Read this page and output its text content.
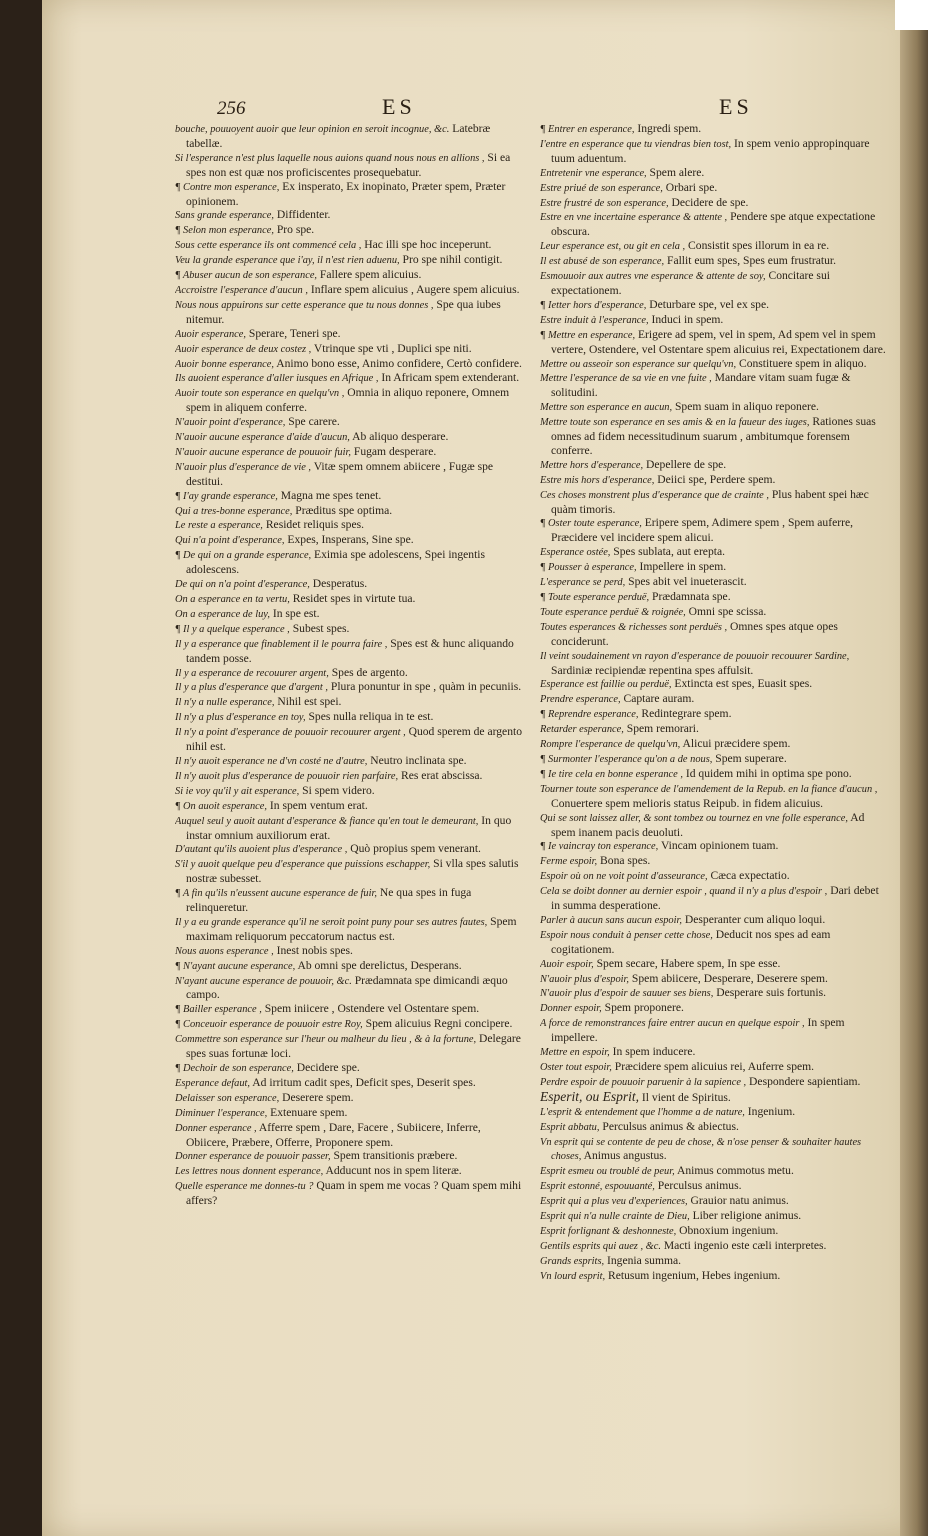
256	ES	ES

bouche, pouuoyent auoir que leur opinion en seroit incognue, &c. Latebræ tabellæ.

Si l'esperance n'est plus laquelle nous auions quand nous nous en allions , Si ea spes non est quæ nos proficiscentes prosequebatur.

¶ Contre mon esperance, Ex insperato, Ex inopinato, Præter spem, Præter opinionem.

Sans grande esperance, Diffidenter.

¶ Selon mon esperance, Pro spe.

Sous cette esperance ils ont commencé cela , Hac illi spe hoc inceperunt.

Veu la grande esperance que i'ay, il n'est rien aduenu, Pro spe nihil contigit.

¶ Abuser aucun de son esperance, Fallere spem alicuius.

Accroistre l'esperance d'aucun , Inflare spem alicuius , Augere spem alicuius.

Nous nous appuirons sur cette esperance que tu nous donnes , Spe qua iubes nitemur.

Auoir esperance, Sperare, Teneri spe.

Auoir esperance de deux costez , Vtrinque spe vti , Duplici spe niti.

Auoir bonne esperance, Animo bono esse, Animo confidere, Certò confidere.

Ils auoient esperance d'aller iusques en Afrique , In Africam spem extenderant.

Auoir toute son esperance en quelqu'vn , Omnia in aliquo reponere, Omnem spem in aliquem conferre.

N'auoir point d'esperance, Spe carere.

N'auoir aucune esperance d'aide d'aucun, Ab aliquo desperare.

N'auoir aucune esperance de pouuoir fuir, Fugam desperare.

N'auoir plus d'esperance de vie , Vitæ spem omnem abiicere , Fugæ spe destitui.

¶ I'ay grande esperance, Magna me spes tenet.

Qui a tres-bonne esperance, Præditus spe optima.

Le reste a esperance, Residet reliquis spes.

Qui n'a point d'esperance, Expes, Insperans, Sine spe.

¶ De qui on a grande esperance, Eximia spe adolescens, Spei ingentis adolescens.

De qui on n'a point d'esperance, Desperatus.

On a esperance en ta vertu, Residet spes in virtute tua.

On a esperance de luy, In spe est.

¶ Il y a quelque esperance , Subest spes.

Il y a esperance que finablement il le pourra faire , Spes est & hunc aliquando tandem posse.

Il y a esperance de recouurer argent, Spes de argento.

Il y a plus d'esperance que d'argent , Plura ponuntur in spe , quàm in pecuniis.

Il n'y a nulle esperance, Nihil est spei.

Il n'y a plus d'esperance en toy, Spes nulla reliqua in te est.

Il n'y a point d'esperance de pouuoir recouurer argent , Quod sperem de argento nihil est.

Il n'y auoit esperance ne d'vn costé ne d'autre, Neutro inclinata spe.

Il n'y auoit plus d'esperance de pouuoir rien parfaire, Res erat abscissa.

Si ie voy qu'il y ait esperance, Si spem videro.

¶ On auoit esperance, In spem ventum erat.

Auquel seul y auoit autant d'esperance & fiance qu'en tout le demeurant, In quo instar omnium auxiliorum erat.

D'autant qu'ils auoient plus d'esperance , Quò propius spem venerant.

S'il y auoit quelque peu d'esperance que puissions eschapper, Si vlla spes salutis nostræ subesset.

¶ A fin qu'ils n'eussent aucune esperance de fuir, Ne qua spes in fuga relinqueretur.

Il y a eu grande esperance qu'il ne seroit point puny pour ses autres fautes, Spem maximam reliquorum peccatorum nactus est.

Nous auons esperance , Inest nobis spes.

¶ N'ayant aucune esperance, Ab omni spe derelictus, Desperans.

N'ayant aucune esperance de pouuoir, &c. Prædamnata spe dimicandi æquo campo.

¶ Bailler esperance , Spem iniicere , Ostendere vel Ostentare spem.

¶ Conceuoir esperance de pouuoir estre Roy, Spem alicuius Regni concipere.

Commettre son esperance sur l'heur ou malheur du lieu , & à la fortune, Delegare spes suas fortunæ loci.

¶ Dechoir de son esperance, Decidere spe.

Esperance defaut, Ad irritum cadit spes, Deficit spes, Deserit spes.

Delaisser son esperance, Deserere spem.

Diminuer l'esperance, Extenuare spem.

Donner esperance , Afferre spem , Dare, Facere , Subiicere, Inferre, Obiicere, Præbere, Offerre, Proponere spem.

Donner esperance de pouuoir passer, Spem transitionis præbere.

Les lettres nous donnent esperance, Adducunt nos in spem literæ.

Quelle esperance me donnes-tu ? Quam in spem me vocas ? Quam spem mihi affers?

¶ Entrer en esperance, Ingredi spem.

I'entre en esperance que tu viendras bien tost, In spem venio appropinquare tuum aduentum.

Entretenir vne esperance, Spem alere.

Estre priué de son esperance, Orbari spe.

Estre frustré de son esperance, Decidere de spe.

Estre en vne incertaine esperance & attente , Pendere spe atque expectatione obscura.

Leur esperance est, ou git en cela , Consistit spes illorum in ea re.

Il est abusé de son esperance, Fallit eum spes, Spes eum frustratur.

Esmouuoir aux autres vne esperance & attente de soy, Concitare sui expectationem.

¶ Ietter hors d'esperance, Deturbare spe, vel ex spe.

Estre induit à l'esperance, Induci in spem.

¶ Mettre en esperance, Erigere ad spem, vel in spem, Ad spem vel in spem vertere, Ostendere, vel Ostentare spem alicuius rei, Expectationem dare.

Mettre ou asseoir son esperance sur quelqu'vn, Constituere spem in aliquo.

Mettre l'esperance de sa vie en vne fuite , Mandare vitam suam fugæ & solitudini.

Mettre son esperance en aucun, Spem suam in aliquo reponere.

Mettre toute son esperance en ses amis & en la faueur des iuges, Rationes suas omnes ad fidem necessitudinum suarum , ambitumque forensem conferre.

Mettre hors d'esperance, Depellere de spe.

Estre mis hors d'esperance, Deiici spe, Perdere spem.

Ces choses monstrent plus d'esperance que de crainte , Plus habent spei hæc quàm timoris.

¶ Oster toute esperance, Eripere spem, Adimere spem , Spem auferre, Præcidere vel incidere spem alicui.

Esperance ostée, Spes sublata, aut erepta.

¶ Pousser à esperance, Impellere in spem.

L'esperance se perd, Spes abit vel inueterascit.

¶ Toute esperance perduë, Prædamnata spe.

Toute esperance perduë & roignée, Omni spe scissa.

Toutes esperances & richesses sont perduës , Omnes spes atque opes conciderunt.

Il veint soudainement vn rayon d'esperance de pouuoir recouurer Sardine, Sardiniæ recipiendæ repentina spes affulsit.

Esperance est faillie ou perduë, Extincta est spes, Euasit spes.

Prendre esperance, Captare auram.

¶ Reprendre esperance, Redintegrare spem.

Retarder esperance, Spem remorari.

Rompre l'esperance de quelqu'vn, Alicui præcidere spem.

¶ Surmonter l'esperance qu'on a de nous, Spem superare.

¶ Ie tire cela en bonne esperance , Id quidem mihi in optima spe pono.

Tourner toute son esperance de l'amendement de la Repub. en la fiance d'aucun , Conuertere spem melioris status Reipub. in fidem alicuius.

Qui se sont laissez aller, & sont tombez ou tournez en vne folle esperance, Ad spem inanem pacis deuoluti.

¶ Ie vaincray ton esperance, Vincam opinionem tuam.

Ferme espoir, Bona spes.

Espoir où on ne voit point d'asseurance, Cæca expectatio.

Cela se doibt donner au dernier espoir , quand il n'y a plus d'espoir , Dari debet in summa desperatione.

Parler à aucun sans aucun espoir, Desperanter cum aliquo loqui.

Espoir nous conduit à penser cette chose, Deducit nos spes ad eam cogitationem.

Auoir espoir, Spem secare, Habere spem, In spe esse.

N'auoir plus d'espoir, Spem abiicere, Desperare, Deserere spem.

N'auoir plus d'espoir de sauuer ses biens, Desperare suis fortunis.

Donner espoir, Spem proponere.

A force de remonstrances faire entrer aucun en quelque espoir , In spem impellere.

Mettre en espoir, In spem inducere.

Oster tout espoir, Præcidere spem alicuius rei, Auferre spem.

Perdre espoir de pouuoir paruenir à la sapience , Despondere sapientiam.

Esperit, ou Esprit, Il vient de Spiritus.

L'esprit & entendement que l'homme a de nature, Ingenium.

Esprit abbatu, Perculsus animus & abiectus.

Vn esprit qui se contente de peu de chose, & n'ose penser & souhaiter hautes choses, Animus angustus.

Esprit esmeu ou troublé de peur, Animus commotus metu.

Esprit estonné, espouuanté, Perculsus animus.

Esprit qui a plus veu d'experiences, Grauior natu animus.

Esprit qui n'a nulle crainte de Dieu, Liber religione animus.

Esprit forlignant & deshonneste, Obnoxium ingenium.

Gentils esprits qui auez , &c. Macti ingenio este cæli interpretes.

Grands esprits, Ingenia summa.

Vn lourd esprit, Retusum ingenium, Hebes ingenium.
